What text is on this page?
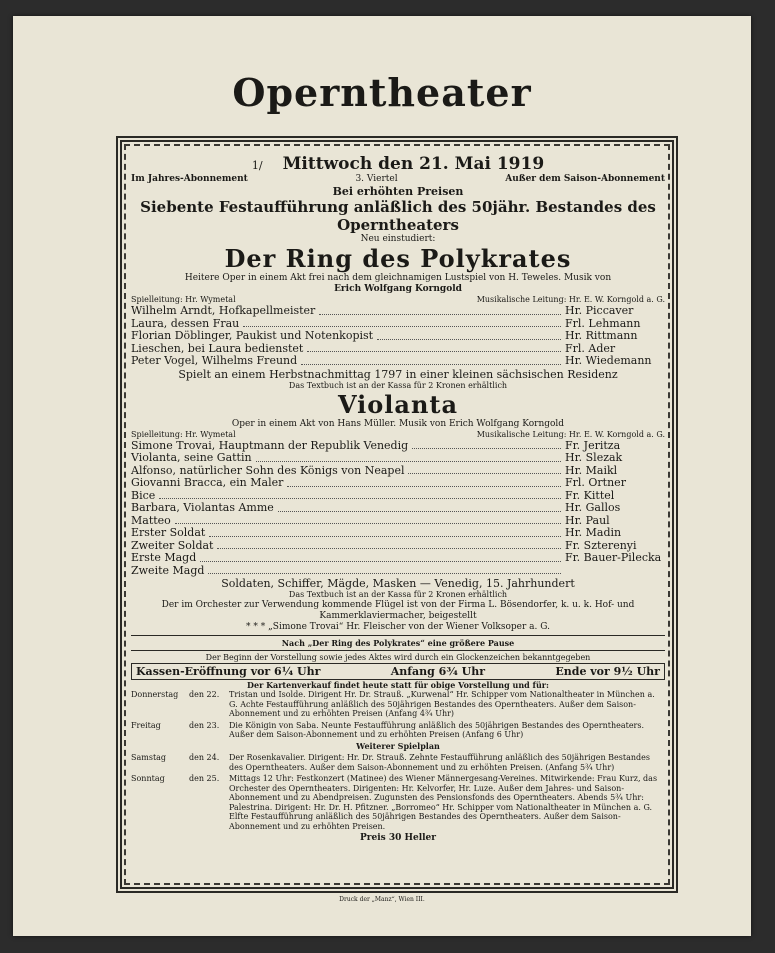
Operntheater
1/ Mittwoch den 21. Mai 1919
Im Jahres-Abonnement	3. Viertel	Außer dem Saison-Abonnement
Bei erhöhten Preisen
Siebente Festaufführung anläßlich des 50jähr. Bestandes des Operntheaters
Neu einstudiert:
Der Ring des Polykrates
Heitere Oper in einem Akt frei nach dem gleichnamigen Lustspiel von H. Teweles. Musik von
Erich Wolfgang Korngold
Spielleitung: Hr. Wymetal	Musikalische Leitung: Hr. E. W. Korngold a. G.
Wilhelm Arndt, Hofkapellmeister	Hr. Piccaver
Laura, dessen Frau	Frl. Lehmann
Florian Döblinger, Paukist und Notenkopist	Hr. Rittmann
Lieschen, bei Laura bedienstet	Frl. Ader
Peter Vogel, Wilhelms Freund	Hr. Wiedemann
Spielt an einem Herbstnachmittag 1797 in einer kleinen sächsischen Residenz
Das Textbuch ist an der Kassa für 2 Kronen erhältlich
Violanta
Oper in einem Akt von Hans Müller. Musik von Erich Wolfgang Korngold
Spielleitung: Hr. Wymetal	Musikalische Leitung: Hr. E. W. Korngold a. G.
Simone Trovai, Hauptmann der Republik Venedig	Fr. Jeritza
Violanta, seine Gattin	Hr. Slezak
Alfonso, natürlicher Sohn des Königs von Neapel	Hr. Maikl
Giovanni Bracca, ein Maler	Frl. Ortner
Bice	Fr. Kittel
Barbara, Violantas Amme	Hr. Gallos
Matteo	Hr. Paul
Erster Soldat	Hr. Madin
Zweiter Soldat	Fr. Szterenyi
Erste Magd	Fr. Bauer-Pilecka
Zweite Magd
Soldaten, Schiffer, Mägde, Masken — Venedig, 15. Jahrhundert
Das Textbuch ist an der Kassa für 2 Kronen erhältlich
Der im Orchester zur Verwendung kommende Flügel ist von der Firma L. Bösendorfer, k. u. k. Hof- und Kammerklaviermacher, beigestellt
* * * „Simone Trovai“ Hr. Fleischer von der Wiener Volksoper a. G.
Nach „Der Ring des Polykrates“ eine größere Pause
Der Beginn der Vorstellung sowie jedes Aktes wird durch ein Glockenzeichen bekanntgegeben
Kassen-Eröffnung vor 6¼ Uhr	Anfang 6¾ Uhr	Ende vor 9½ Uhr
Der Kartenverkauf findet heute statt für obige Vorstellung und für:
Donnerstag	den 22.	Tristan und Isolde. Dirigent Hr. Dr. Strauß. „Kurwenal“ Hr. Schipper vom Nationaltheater in München a. G. Achte Festaufführung anläßlich des 50jährigen Bestandes des Operntheaters. Außer dem Saison-Abonnement und zu erhöhten Preisen (Anfang 4¾ Uhr)
Freitag	den 23.	Die Königin von Saba. Neunte Festaufführung anläßlich des 50jährigen Bestandes des Operntheaters. Außer dem Saison-Abonnement und zu erhöhten Preisen (Anfang 6 Uhr)
Weiterer Spielplan
Samstag	den 24.	Der Rosenkavalier. Dirigent: Hr. Dr. Strauß. Zehnte Festaufführung anläßlich des 50jährigen Bestandes des Operntheaters. Außer dem Saison-Abonnement und zu erhöhten Preisen. (Anfang 5¾ Uhr)
Sonntag	den 25.	Mittags 12 Uhr: Festkonzert (Matinee) des Wiener Männergesang-Vereines. Mitwirkende: Frau Kurz, das Orchester des Operntheaters. Dirigenten: Hr. Kelvorfer, Hr. Luze. Außer dem Jahres- und Saison-Abonnement und zu Abendpreisen. Zugunsten des Pensionsfonds des Operntheaters. Abends 5¾ Uhr: Palestrina. Dirigent: Hr. Dr. H. Pfitzner. „Borromeo“ Hr. Schipper vom Nationaltheater in München a. G. Elfte Festaufführung anläßlich des 50jährigen Bestandes des Operntheaters. Außer dem Saison-Abonnement und zu erhöhten Preisen.
Preis 30 Heller
Druck der „Manz“, Wien III.
